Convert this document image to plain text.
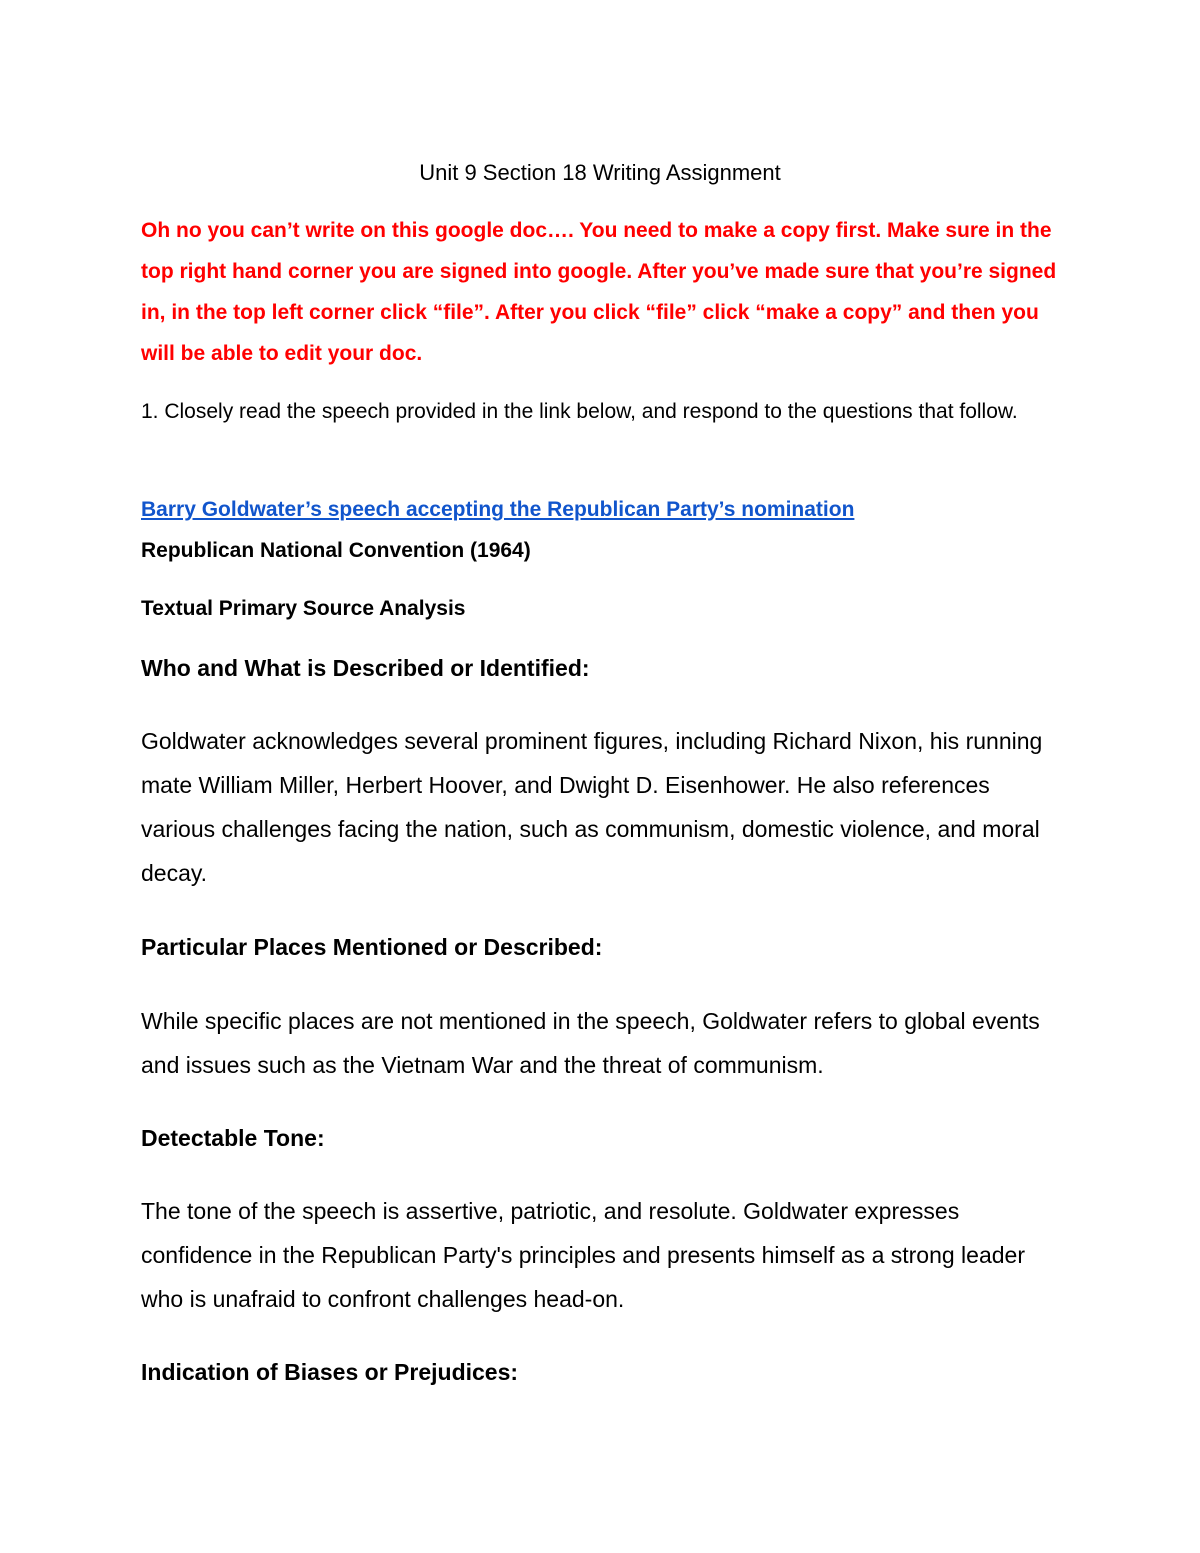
Unit 9 Section 18 Writing Assignment

Oh no you can’t write on this google doc…. You need to make a copy first. Make sure in the top right hand corner you are signed into google. After you’ve made sure that you’re signed in, in the top left corner click “file”. After you click “file” click “make a copy” and then you will be able to edit your doc.

1. Closely read the speech provided in the link below, and respond to the questions that follow.

Barry Goldwater’s speech accepting the Republican Party’s nomination
Republican National Convention (1964)
Textual Primary Source Analysis
Who and What is Described or Identified:

Goldwater acknowledges several prominent figures, including Richard Nixon, his running mate William Miller, Herbert Hoover, and Dwight D. Eisenhower. He also references various challenges facing the nation, such as communism, domestic violence, and moral decay.

Particular Places Mentioned or Described:

While specific places are not mentioned in the speech, Goldwater refers to global events and issues such as the Vietnam War and the threat of communism.

Detectable Tone:

The tone of the speech is assertive, patriotic, and resolute. Goldwater expresses confidence in the Republican Party's principles and presents himself as a strong leader who is unafraid to confront challenges head-on.

Indication of Biases or Prejudices:
